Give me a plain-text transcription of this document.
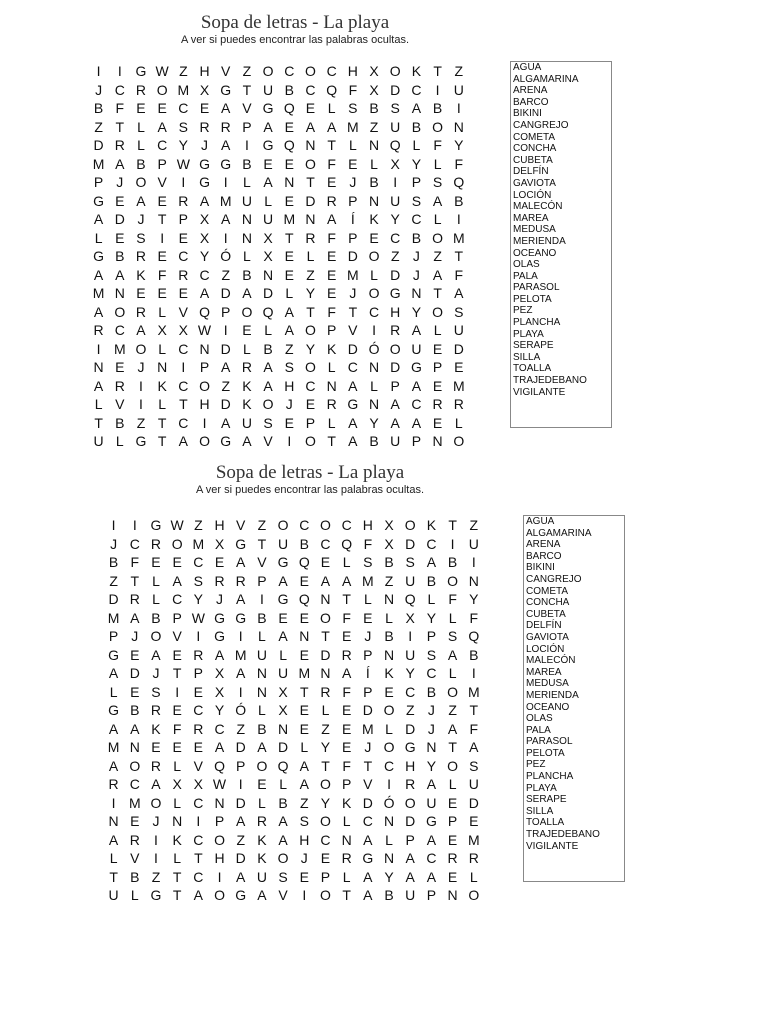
Sopa de letras - La playa
A ver si puedes encontrar las palabras ocultas.
I	I G W Z H V Z O C O C H X O K T Z
J C R O M X G T U B C Q F X D C	I	U
B F E E C E A V G Q E L S B S A B	I
Z T L A S R R P A E A A M Z U B O N
D R L C Y J A	I G Q N T L N Q L F Y
M A B P W G G B E E O F E L X Y L F
P J O V	I G I	L A N T E J B	I	P S Q
G E A E R A M U L E D R P N U S A B
A D J T P X A N U M N A	Í	K Y C L	I
L E S	I	E X	I	N X T R F P E C B O M
G B R E C Y Ó L X E L E D O Z J Z T
A A K F R C Z B N E Z E M L D J A F
M N E E E A D A D L Y E J O G N T A
A O R L V Q P O Q A T F T C H Y O S
R C A X X W I	E L A O P V	I	R A L U
I M O L C N D L B Z Y K D Ó O U E D
N E J N	I	P A R A S O L C N D G P E
A R	I	K C O Z K A H C N A L P A E M
L V	I	L T H D K O J E R G N A C R R
T B Z T C	I	A U S E P L A Y A A E L
U L G T A O G A V	I O T A B U P N O
AGUA
ALGAMARINA
ARENA
BARCO
BIKINI
CANGREJO
COMETA
CONCHA
CUBETA
DELFÍN
GAVIOTA
LOCIÓN
MALECÓN
MAREA
MEDUSA
MERIENDA
OCEANO
OLAS
PALA
PARASOL
PELOTA
PEZ
PLANCHA
PLAYA
SERAPE
SILLA
TOALLA
TRAJEDEBANO
VIGILANTE
Sopa de letras - La playa
A ver si puedes encontrar las palabras ocultas.
I	I G W Z H V Z O C O C H X O K T Z
J C R O M X G T U B C Q F X D C	I	U
B F E E C E A V G Q E L S B S A B	I
Z T L A S R R P A E A A M Z U B O N
D R L C Y J A	I G Q N T L N Q L F Y
M A B P W G G B E E O F E L X Y L F
P J O V	I G I	L A N T E J B	I	P S Q
G E A E R A M U L E D R P N U S A B
A D J T P X A N U M N A	Í	K Y C L	I
L E S	I	E X	I	N X T R F P E C B O M
G B R E C Y Ó L X E L E D O Z J Z T
A A K F R C Z B N E Z E M L D J A F
M N E E E A D A D L Y E J O G N T A
A O R L V Q P O Q A T F T C H Y O S
R C A X X W I	E L A O P V	I	R A L U
I M O L C N D L B Z Y K D Ó O U E D
N E J N	I	P A R A S O L C N D G P E
A R	I	K C O Z K A H C N A L P A E M
L V	I	L T H D K O J E R G N A C R R
T B Z T C	I	A U S E P L A Y A A E L
U L G T A O G A V	I O T A B U P N O
AGUA
ALGAMARINA
ARENA
BARCO
BIKINI
CANGREJO
COMETA
CONCHA
CUBETA
DELFÍN
GAVIOTA
LOCIÓN
MALECÓN
MAREA
MEDUSA
MERIENDA
OCEANO
OLAS
PALA
PARASOL
PELOTA
PEZ
PLANCHA
PLAYA
SERAPE
SILLA
TOALLA
TRAJEDEBANO
VIGILANTE
